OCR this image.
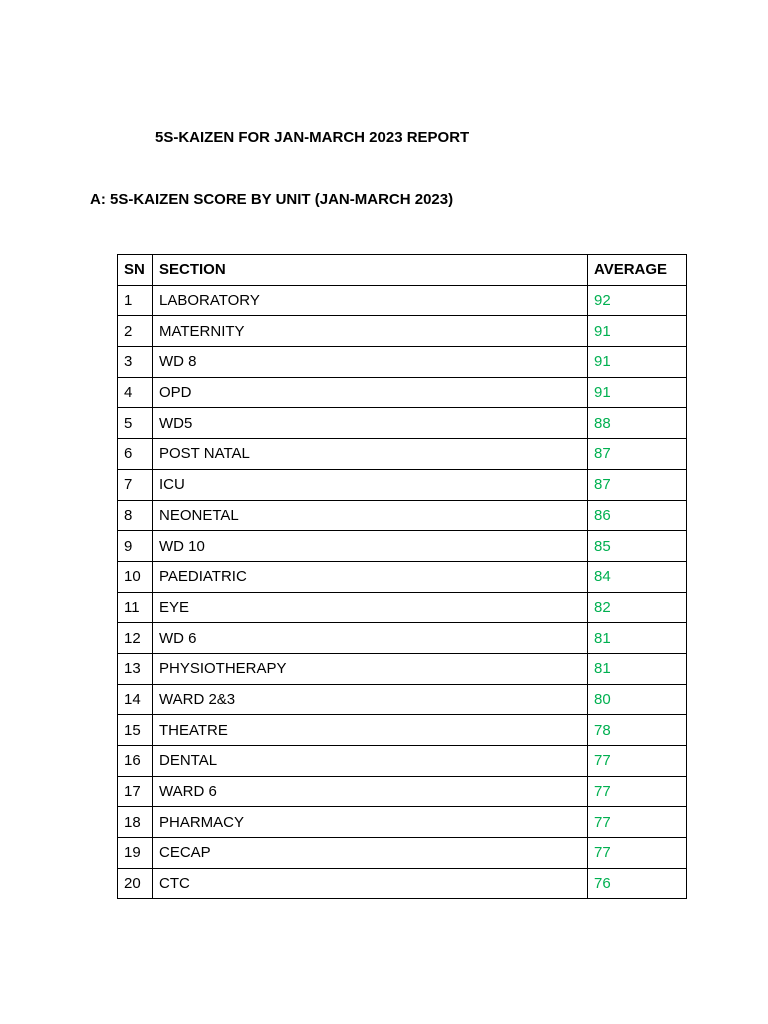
5S-KAIZEN FOR JAN-MARCH 2023 REPORT
A: 5S-KAIZEN SCORE BY UNIT (JAN-MARCH 2023)
SN	SECTION	AVERAGE
1	LABORATORY	92
2	MATERNITY	91
3	WD 8	91
4	OPD	91
5	WD5	88
6	POST NATAL	87
7	ICU	87
8	NEONETAL	86
9	WD 10	85
10	PAEDIATRIC	84
11	EYE	82
12	WD 6	81
13	PHYSIOTHERAPY	81
14	WARD 2&3	80
15	THEATRE	78
16	DENTAL	77
17	WARD 6	77
18	PHARMACY	77
19	CECAP	77
20	CTC	76
